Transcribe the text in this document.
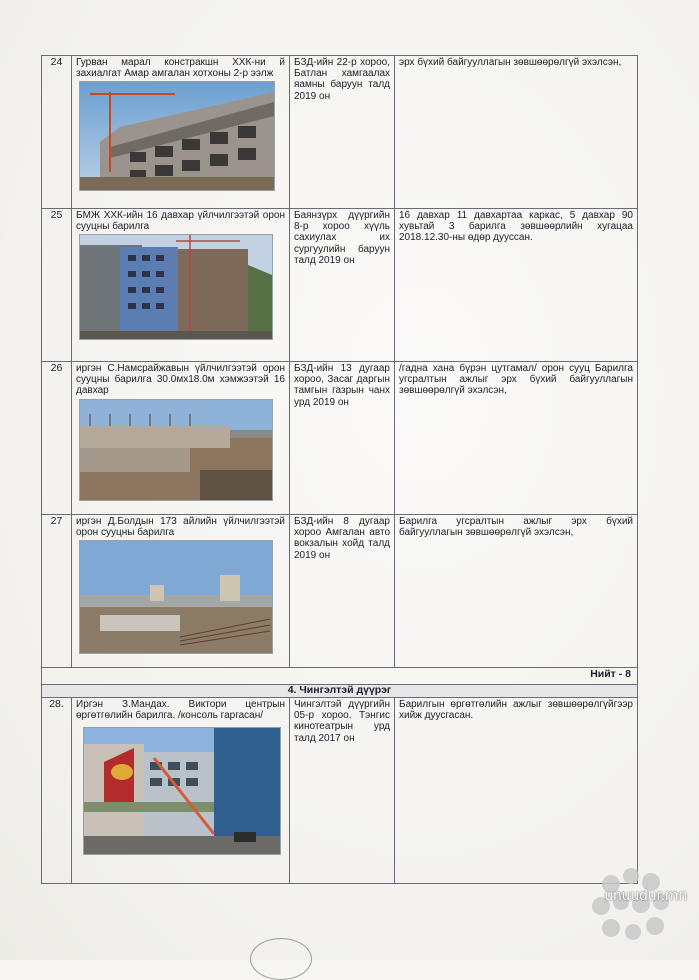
24	Гурван марал констракшн ХХК-ни й захиалгат Амар амгалан хотхоны 2-р ээлж	БЗД-ийн 22-р хороо, Батлан хамгаалах яамны баруун талд 2019 он	эрх бүхий байгууллагын зөвшөөрөлгүй эхэлсэн,
25	БМЖ ХХК-ийн 16 давхар үйлчилгээтэй орон сууцны барилга	Баянзүрх дүүргийн 8-р хороо хүүль сахиулах их сургуулийн баруун талд 2019 он	16 давхар 11 давхартаа каркас, 5 давхар 90 хувьтай 3 барилга зөвшөөрлийн хугацаа 2018.12.30-ны өдөр дууссан.
26	иргэн С.Намсрайжавын үйлчилгээтэй орон сууцны барилга 30.0мх18.0м хэмжээтэй 16 давхар	БЗД-ийн 13 дугаар хороо, Засаг даргын тамгын газрын чанх урд 2019 он	/гадна хана бүрэн цутгамал/ орон сууц Барилга угсралтын ажлыг эрх бүхий байгууллагын зөвшөөрөлгүй эхэлсэн,
27	иргэн Д.Болдын 173 айлийн үйлчилгээтэй орон сууцны барилга	БЗД-ийн 8 дугаар хороо Амгалан авто вокзалын хойд талд 2019 он	Барилга угсралтын ажлыг эрх бүхий байгууллагын зөвшөөрөлгүй эхэлсэн,
Нийт - 8			
4. Чингэлтэй дүүрэг			
28.	Иргэн З.Мандах. Виктори центрын өргөтгөлийн барилга. /консоль гаргасан/	Чингэлтэй дүүргийн 05-р хороо. Тэнгис кинотеатрын урд талд 2017 он	Барилгын өргөтгөлийн ажлыг зөвшөөрөлгүйгээр хийж дуусгасан.
unuudur.mn
